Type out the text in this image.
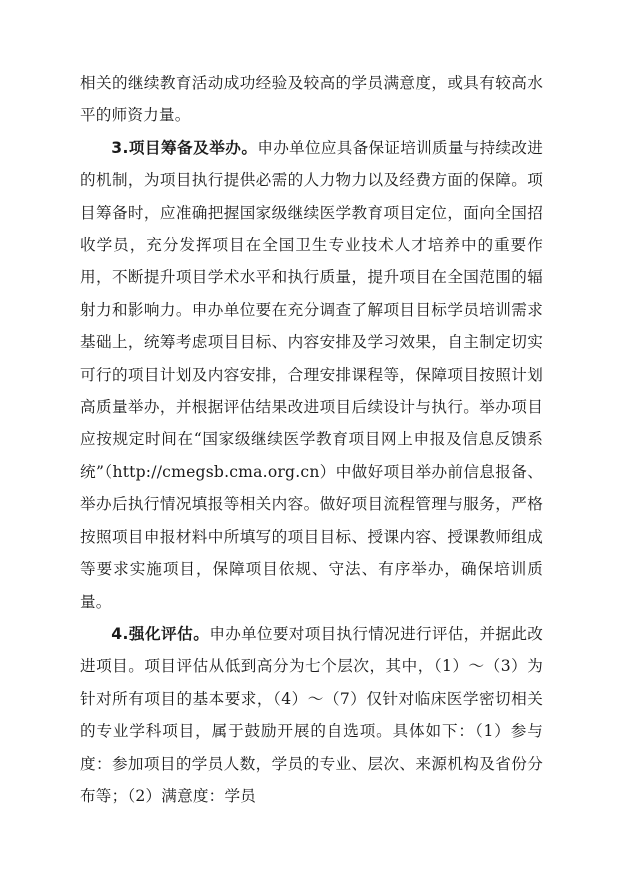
相关的继续教育活动成功经验及较高的学员满意度，或具有较高水平的师资力量。

3.项目筹备及举办。申办单位应具备保证培训质量与持续改进的机制，为项目执行提供必需的人力物力以及经费方面的保障。项目筹备时，应准确把握国家级继续医学教育项目定位，面向全国招收学员，充分发挥项目在全国卫生专业技术人才培养中的重要作用，不断提升项目学术水平和执行质量，提升项目在全国范围的辐射力和影响力。申办单位要在充分调查了解项目目标学员培训需求基础上，统筹考虑项目目标、内容安排及学习效果，自主制定切实可行的项目计划及内容安排，合理安排课程等，保障项目按照计划高质量举办，并根据评估结果改进项目后续设计与执行。举办项目应按规定时间在“国家级继续医学教育项目网上申报及信息反馈系统”（http://cmegsb.cma.org.cn）中做好项目举办前信息报备、举办后执行情况填报等相关内容。做好项目流程管理与服务，严格按照项目申报材料中所填写的项目目标、授课内容、授课教师组成等要求实施项目，保障项目依规、守法、有序举办，确保培训质量。

4.强化评估。申办单位要对项目执行情况进行评估，并据此改进项目。项目评估从低到高分为七个层次，其中，（1）～（3）为针对所有项目的基本要求，（4）～（7）仅针对临床医学密切相关的专业学科项目，属于鼓励开展的自选项。具体如下：（1）参与度：参加项目的学员人数，学员的专业、层次、来源机构及省份分布等；（2）满意度：学员
